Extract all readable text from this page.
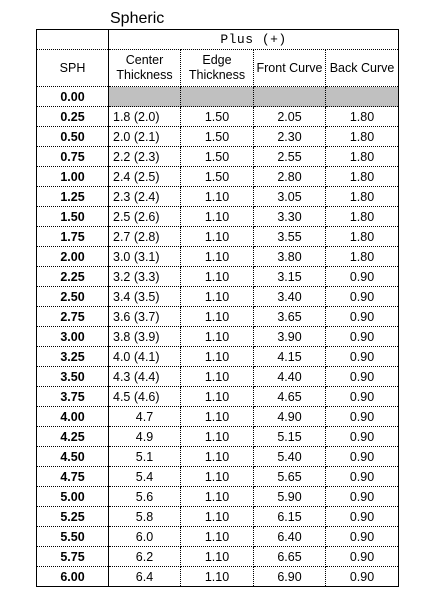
Spheric
	Plus (+)			
SPH	Center Thickness	Edge Thickness	Front Curve	Back Curve
0.00				
0.25	1.8 (2.0)	1.50	2.05	1.80
0.50	2.0 (2.1)	1.50	2.30	1.80
0.75	2.2 (2.3)	1.50	2.55	1.80
1.00	2.4 (2.5)	1.50	2.80	1.80
1.25	2.3 (2.4)	1.10	3.05	1.80
1.50	2.5 (2.6)	1.10	3.30	1.80
1.75	2.7 (2.8)	1.10	3.55	1.80
2.00	3.0 (3.1)	1.10	3.80	1.80
2.25	3.2 (3.3)	1.10	3.15	0.90
2.50	3.4 (3.5)	1.10	3.40	0.90
2.75	3.6 (3.7)	1.10	3.65	0.90
3.00	3.8 (3.9)	1.10	3.90	0.90
3.25	4.0 (4.1)	1.10	4.15	0.90
3.50	4.3 (4.4)	1.10	4.40	0.90
3.75	4.5 (4.6)	1.10	4.65	0.90
4.00	4.7	1.10	4.90	0.90
4.25	4.9	1.10	5.15	0.90
4.50	5.1	1.10	5.40	0.90
4.75	5.4	1.10	5.65	0.90
5.00	5.6	1.10	5.90	0.90
5.25	5.8	1.10	6.15	0.90
5.50	6.0	1.10	6.40	0.90
5.75	6.2	1.10	6.65	0.90
6.00	6.4	1.10	6.90	0.90
